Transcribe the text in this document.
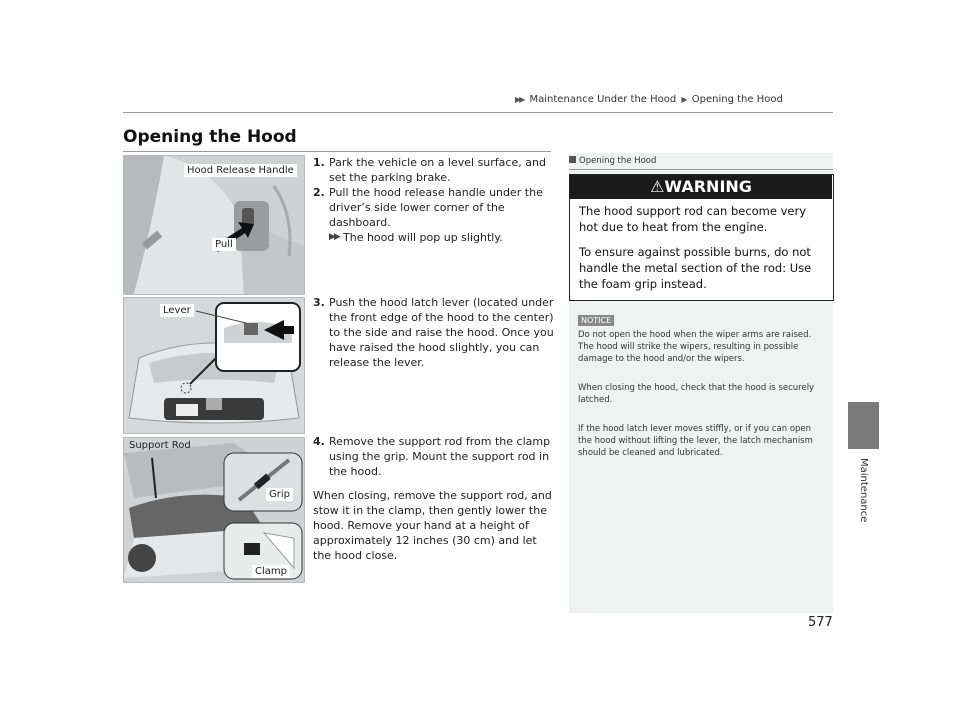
▶▶ Maintenance Under the Hood ▶ Opening the Hood
Opening the Hood
Maintenance
Hood Release Handle
Pull
Lever
Support Rod
Grip
Clamp
1. Park the vehicle on a level surface, and set the parking brake.
2. Pull the hood release handle under the driver’s side lower corner of the dashboard.
▶▶ The hood will pop up slightly.
3. Push the hood latch lever (located under the front edge of the hood to the center) to the side and raise the hood. Once you have raised the hood slightly, you can release the lever.
4. Remove the support rod from the clamp using the grip. Mount the support rod in the hood.
When closing, remove the support rod, and stow it in the clamp, then gently lower the hood. Remove your hand at a height of approximately 12 inches (30 cm) and let the hood close.
Opening the Hood
⚠WARNING
The hood support rod can become very hot due to heat from the engine.
To ensure against possible burns, do not handle the metal section of the rod: Use the foam grip instead.
NOTICE
Do not open the hood when the wiper arms are raised. The hood will strike the wipers, resulting in possible damage to the hood and/or the wipers.
When closing the hood, check that the hood is securely latched.
If the hood latch lever moves stiffly, or if you can open the hood without lifting the lever, the latch mechanism should be cleaned and lubricated.
577
